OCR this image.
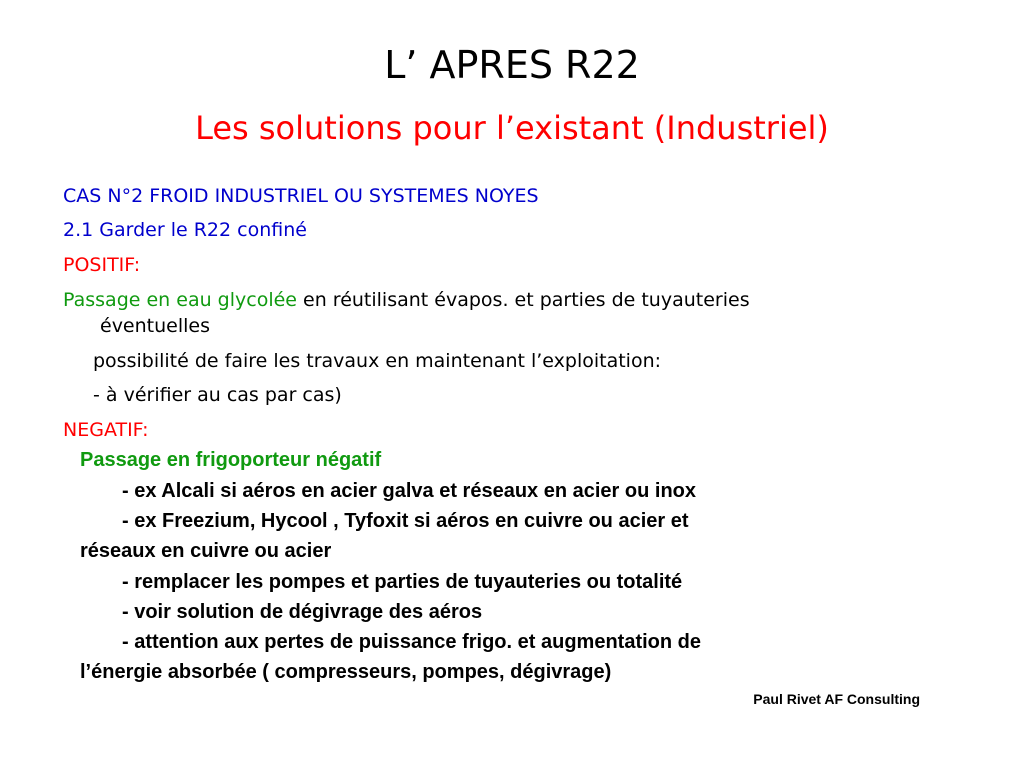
L’ APRES R22
Les solutions pour l’existant (Industriel)
CAS N°2 FROID INDUSTRIEL OU SYSTEMES NOYES
2.1 Garder le R22 confiné
POSITIF:
Passage en eau glycolée en réutilisant évapos. et parties de tuyauteries
éventuelles
possibilité de faire les travaux en maintenant l’exploitation:
- à vérifier au cas par cas)
NEGATIF:
Passage en frigoporteur négatif
- ex Alcali si aéros en acier galva et réseaux en acier ou inox
- ex Freezium, Hycool , Tyfoxit si aéros en cuivre ou acier et
réseaux en cuivre ou acier
- remplacer les pompes et parties de tuyauteries ou totalité
- voir solution de dégivrage des aéros
- attention aux pertes de puissance frigo. et augmentation de
l’énergie absorbée ( compresseurs, pompes, dégivrage)
Paul Rivet AF Consulting
